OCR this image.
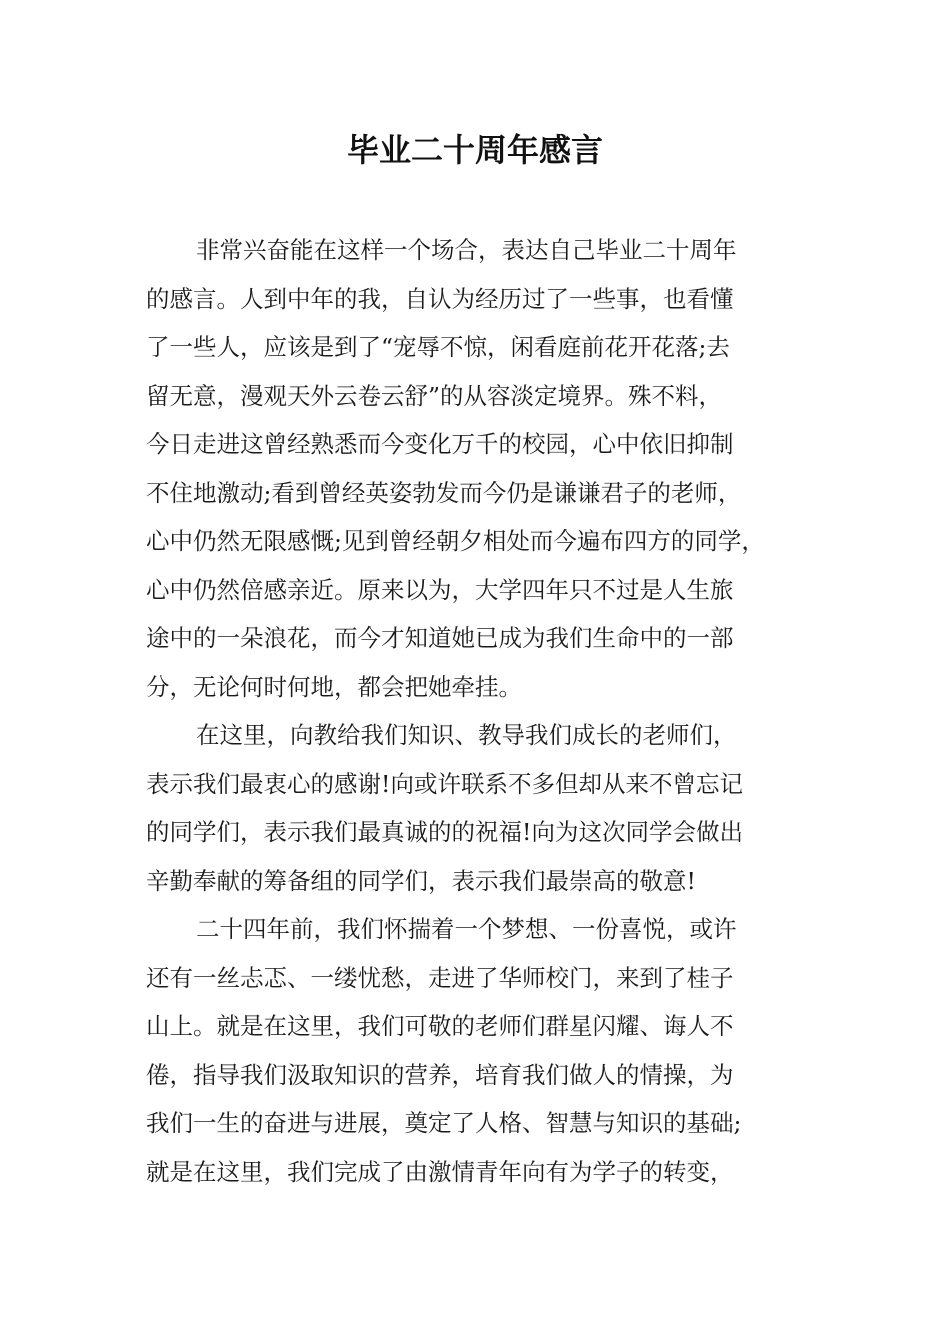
毕业二十周年感言
非常兴奋能在这样一个场合，表达自己毕业二十周年
的感言。人到中年的我，自认为经历过了一些事，也看懂
了一些人，应该是到了“宠辱不惊，闲看庭前花开花落;去
留无意，漫观天外云卷云舒”的从容淡定境界。殊不料，
今日走进这曾经熟悉而今变化万千的校园，心中依旧抑制
不住地激动;看到曾经英姿勃发而今仍是谦谦君子的老师，
心中仍然无限感慨;见到曾经朝夕相处而今遍布四方的同学，
心中仍然倍感亲近。原来以为，大学四年只不过是人生旅
途中的一朵浪花，而今才知道她已成为我们生命中的一部
分，无论何时何地，都会把她牵挂。
在这里，向教给我们知识、教导我们成长的老师们，
表示我们最衷心的感谢!向或许联系不多但却从来不曾忘记
的同学们，表示我们最真诚的的祝福!向为这次同学会做出
辛勤奉献的筹备组的同学们，表示我们最崇高的敬意!
二十四年前，我们怀揣着一个梦想、一份喜悦，或许
还有一丝忐忑、一缕忧愁，走进了华师校门，来到了桂子
山上。就是在这里，我们可敬的老师们群星闪耀、诲人不
倦，指导我们汲取知识的营养，培育我们做人的情操，为
我们一生的奋进与进展，奠定了人格、智慧与知识的基础;
就是在这里，我们完成了由激情青年向有为学子的转变，
